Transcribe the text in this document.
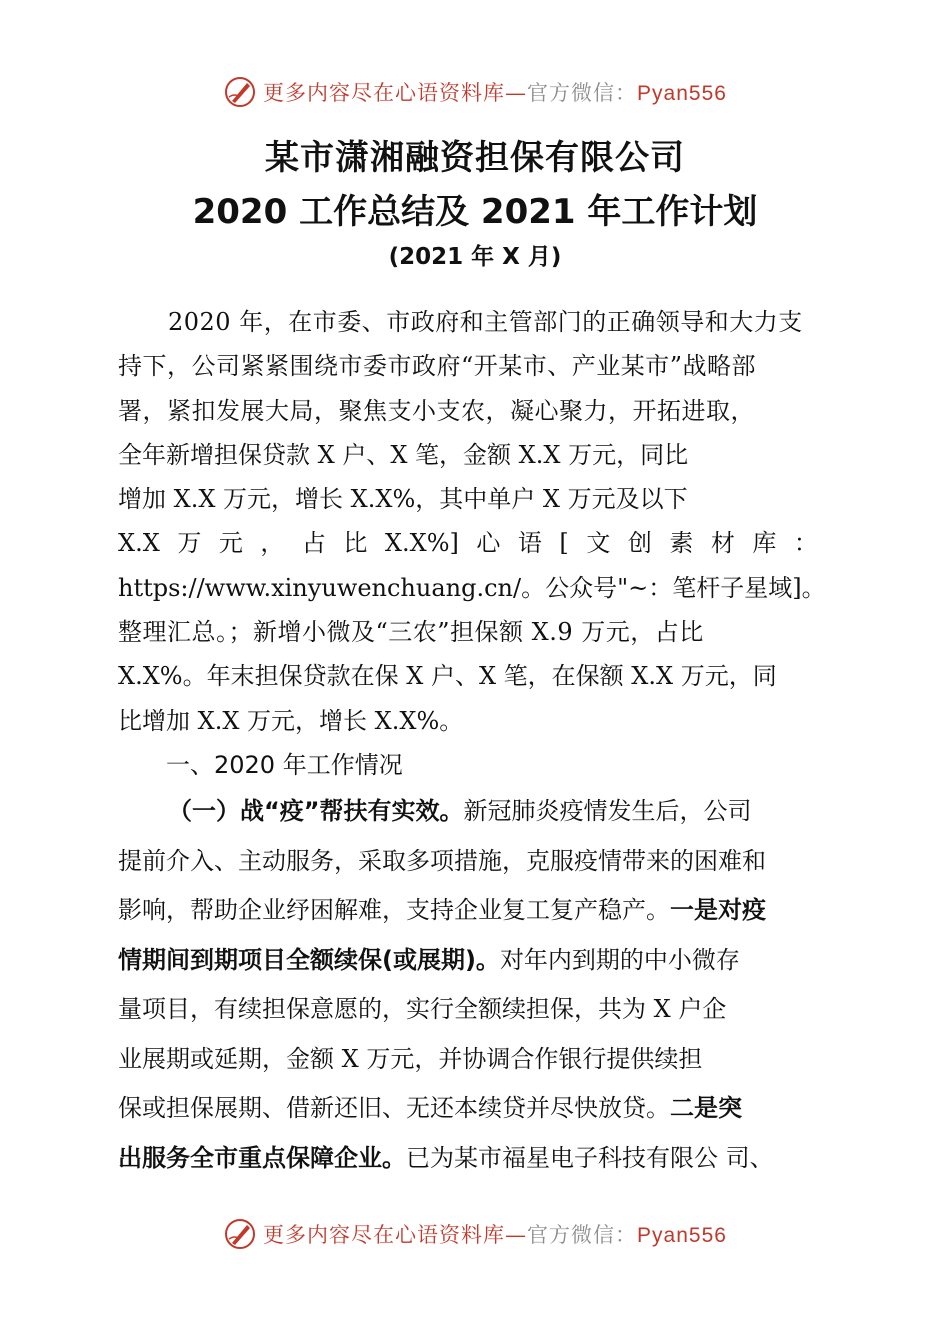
更多内容尽在心语资料库—官方微信：Pyan556
某市潇湘融资担保有限公司
2020 工作总结及 2021 年工作计划
(2021 年 X 月)
2020 年，在市委、市政府和主管部门的正确领导和大力支
持下，公司紧紧围绕市委市政府“开某市、产业某市”战略部
署，紧扣发展大局，聚焦支小支农，凝心聚力，开拓进取，
全年新增担保贷款 X 户、X 笔，金额 X.X 万元，同比
增加 X.X 万元，增长 X.X%，其中单户 X 万元及以下
X.X 万 元 ， 占 比 X.X%] 心 语 [ 文 创 素 材 库 ：
https://www.xinyuwenchuang.cn/。公众号"~：笔杆子星域]。
整理汇总。；新增小微及“三农”担保额 X.9 万元，占比
X.X%。年末担保贷款在保 X 户、X 笔，在保额 X.X 万元，同
比增加 X.X 万元，增长 X.X%。
一、2020 年工作情况
（一）战“疫”帮扶有实效。新冠肺炎疫情发生后，公司
提前介入、主动服务，采取多项措施，克服疫情带来的困难和
影响，帮助企业纾困解难，支持企业复工复产稳产。一是对疫
情期间到期项目全额续保(或展期)。对年内到期的中小微存
量项目，有续担保意愿的，实行全额续担保，共为 X 户企
业展期或延期，金额 X 万元，并协调合作银行提供续担
保或担保展期、借新还旧、无还本续贷并尽快放贷。二是突
出服务全市重点保障企业。已为某市福星电子科技有限公 司、
更多内容尽在心语资料库—官方微信：Pyan556
